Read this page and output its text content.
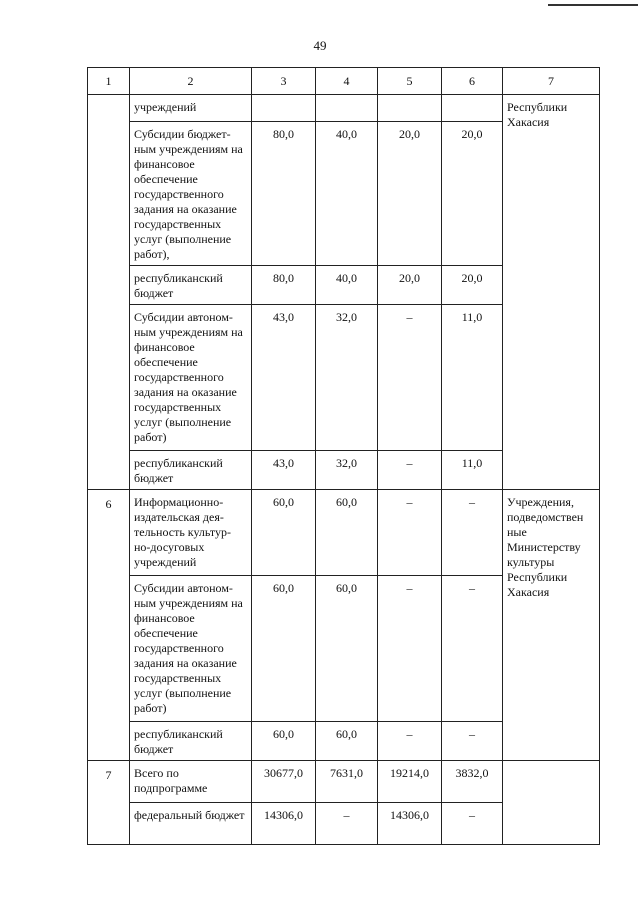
49
1	2	3	4	5	6	7
	учреждений					Республики Хакасия
	Субсидии бюджет-ным учреждениям на финансовое обеспечение государственного задания на оказание государственных услуг (выполнение работ),	80,0	40,0	20,0	20,0	
	республиканский бюджет	80,0	40,0	20,0	20,0	
	Субсидии автоном-ным учреждениям на финансовое обеспечение государственного задания на оказание государственных услуг (выполнение работ)	43,0	32,0	–	11,0	
	республиканский бюджет	43,0	32,0	–	11,0	
6	Информационно-издательская дея-тельность культур-но-досуговых учреждений	60,0	60,0	–	–	Учреждения, подведомствен ные Министерству культуры Республики Хакасия
	Субсидии автоном-ным учреждениям на финансовое обеспечение государственного задания на оказание государственных услуг (выполнение работ)	60,0	60,0	–	–	
	республиканский бюджет	60,0	60,0	–	–	
7	Всего по подпрограмме	30677,0	7631,0	19214,0	3832,0	
	федеральный бюджет	14306,0	–	14306,0	–	
